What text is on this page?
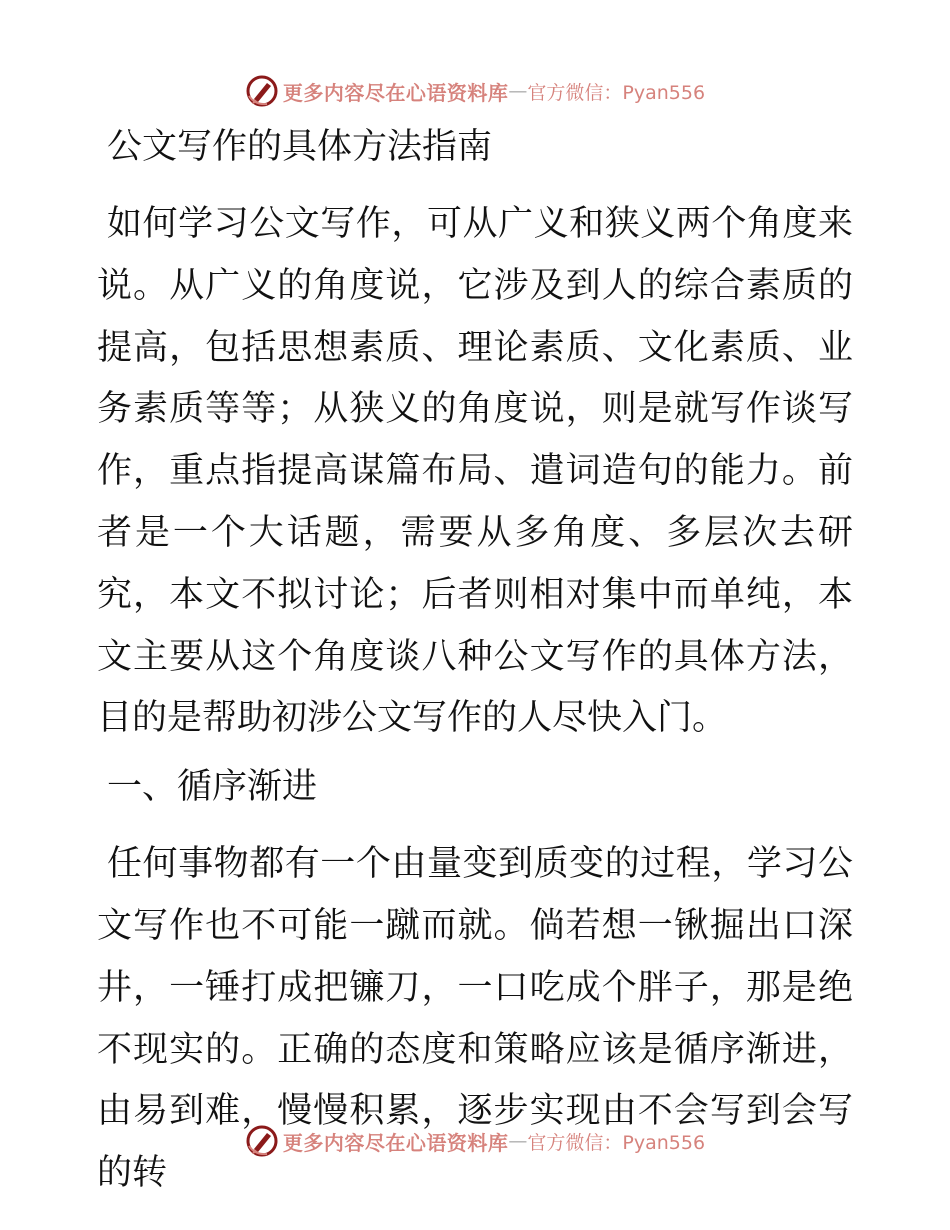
更多内容尽在心语资料库 — 官方微信：Pyan556
公文写作的具体方法指南

如何学习公文写作，可从广义和狭义两个角度来说。从广义的角度说，它涉及到人的综合素质的提高，包括思想素质、理论素质、文化素质、业务素质等等；从狭义的角度说，则是就写作谈写作，重点指提高谋篇布局、遣词造句的能力。前者是一个大话题，需要从多角度、多层次去研究，本文不拟讨论；后者则相对集中而单纯，本文主要从这个角度谈八种公文写作的具体方法，目的是帮助初涉公文写作的人尽快入门。

一、循序渐进

任何事物都有一个由量变到质变的过程，学习公文写作也不可能一蹴而就。倘若想一锹掘出口深井，一锤打成把镰刀，一口吃成个胖子，那是绝不现实的。正确的态度和策略应该是循序渐进，由易到难，慢慢积累，逐步实现由不会写到会写的转

更多内容尽在心语资料库 — 官方微信：Pyan556
